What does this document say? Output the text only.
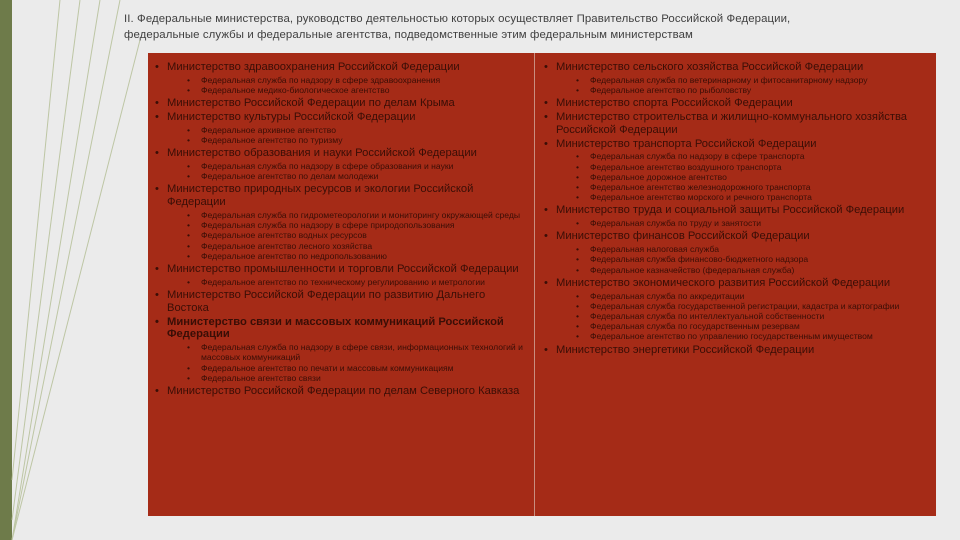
II. Федеральные министерства, руководство деятельностью которых осуществляет Правительство Российской Федерации,
федеральные службы и федеральные агентства, подведомственные этим федеральным министерствам
• Министерство здравоохранения Российской Федерации
• Федеральная служба по надзору в сфере здравоохранения
• Федеральное медико-биологическое агентство
• Министерство Российской Федерации по делам Крыма
• Министерство культуры Российской Федерации
• Федеральное архивное агентство
• Федеральное агентство по туризму
• Министерство образования и науки Российской Федерации
• Федеральная служба по надзору в сфере образования и науки
• Федеральное агентство по делам молодежи
• Министерство природных ресурсов и экологии Российской Федерации
• Федеральная служба по гидрометеорологии и мониторингу окружающей среды
• Федеральная служба по надзору в сфере природопользования
• Федеральное агентство водных ресурсов
• Федеральное агентство лесного хозяйства
• Федеральное агентство по недропользованию
• Министерство промышленности и торговли Российской Федерации
• Федеральное агентство по техническому регулированию и метрологии
• Министерство Российской Федерации по развитию Дальнего Востока
• Министерство связи и массовых коммуникаций Российской Федерации
• Федеральная служба по надзору в сфере связи, информационных технологий и массовых коммуникаций
• Федеральное агентство по печати и массовым коммуникациям
• Федеральное агентство связи
• Министерство Российской Федерации по делам Северного Кавказа
• Министерство сельского хозяйства Российской Федерации
• Федеральная служба по ветеринарному и фитосанитарному надзору
• Федеральное агентство по рыболовству
• Министерство спорта Российской Федерации
• Министерство строительства и жилищно-коммунального хозяйства Российской Федерации
• Министерство транспорта Российской Федерации
• Федеральная служба по надзору в сфере транспорта
• Федеральное агентство воздушного транспорта
• Федеральное дорожное агентство
• Федеральное агентство железнодорожного транспорта
• Федеральное агентство морского и речного транспорта
• Министерство труда и социальной защиты Российской Федерации
• Федеральная служба по труду и занятости
• Министерство финансов Российской Федерации
• Федеральная налоговая служба
• Федеральная служба финансово-бюджетного надзора
• Федеральное казначейство (федеральная служба)
• Министерство экономического развития Российской Федерации
• Федеральная служба по аккредитации
• Федеральная служба государственной регистрации, кадастра и картографии
• Федеральная служба по интеллектуальной собственности
• Федеральная служба по государственным резервам
• Федеральное агентство по управлению государственным имуществом
• Министерство энергетики Российской Федерации
